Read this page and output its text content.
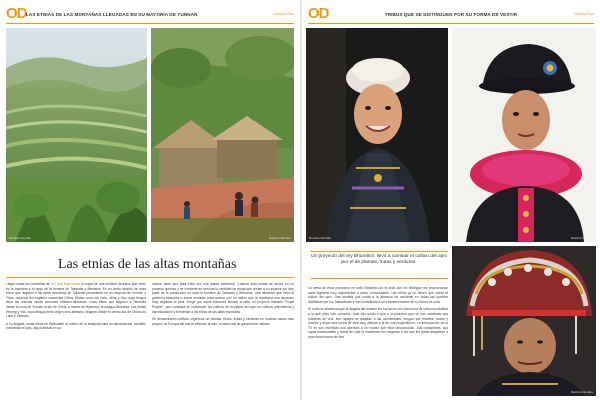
OD LAS ETNIAS DE LAS MONTAÑAS LLEGADAS EN SU MAYORÍA DE YUNNAN	Ofertas Plus
Nombre Nombre	Nombre Nombre
Las etnias de las altas montañas

Llegar hasta las montañas de Doi Hua Mae Khum el hogar de una multitud de tribus que viven en la montaña a lo largo de la frontera de Tailandia y Birmania. En un cierto sentido de unas tribus que llegaron a las altas montañas de Tailandia procedente en su mayoría de Yunnan y Tíbet, huyendo del régimen comunista China. Etnias como los Lahu, Akha y Lisu cuya lengua tiene las mismas raíces comunes tibetano-birmanas. Unas tribus que llegaron a Tailandia desde la zona de Yunnan al sur de China, a través de Myanmar, la antigua Birmania. Las etnias Hmong y Yao, cuya lengua tiene origen sino-tibetano, llegaron desde el centro-sur de China vía Laos y Vietnam.

A su llegada, estas tribus se dedicaban al cultivo de la amapola para su alimentación, también cultivaban el opio, algo habitual en su

cultura dado que para ellos era una planta medicinal. Cuando esta planta se deriva en un proceso químico y se convierte en heroína la cantidad de droga que tenían a su alcance los hizo parte de la producción en toda la frontera de Tailandia y Birmania. Una situación que llevó al gobierno tailandés a tomar medidas para acabar con un tráfico que le reportaba una situación muy negativa al país. Surge por aquel entonces llevado a cabo un proyecto llamado "Royal Project", que consistía en convencer los cultivos de la planta del opio en cultivos alternativos y dar educación y formentar a las tribus de las altas montañas.

Se desarrollaron cultivos orgánicos de plantas, flores, frutas y verduras en muchas casos más propios de Europa allí que le ofrecían al sitio, el valor real de garantía de calidad.

OD	TRIBUS QUE SE DISTINGUEN POR SU FORMA DE VESTIR	Ofertas Plus
Nombre Nombre	Nombre Nombre
Un proyecto del rey Bhumibol, llevó a cambiar el cultivo del opio por el de plantas, frutas y verduras.

La venta de esos productos en toda Tailandia con el sello que les distingue les proporcionan unos ingresos muy importantes a estas comunidades. Las tribus ya no tienen que volver al cultivo del opio. Una medida que unida a la apertura de escuelas en todas las pueblos facilitadas por los Tailandesas y han contribuido a una transformación en su forma de vida.

Si a ello le añadimos que la llegada del turismo les ha hecho ver una forma de vida muy distinta a la que ellos han conocido, todo ello unido a que a la juventud que se han cambiado sus maneras de vivir, sus ropajes se adaptan a las occidentales, tengan sus móviles, motos y coches y dejan una forma de vida muy distinta a la de sus progenitores. La introducción de la TV en sus viviendas una apertura a un mundo que ellos desconocían. Sus costumbres, sus ropas tradicionales y forma de vida la mantienen los mayores a los que les gusta adaptarse a una nueva forma de vivir.

Nombre Nombre
